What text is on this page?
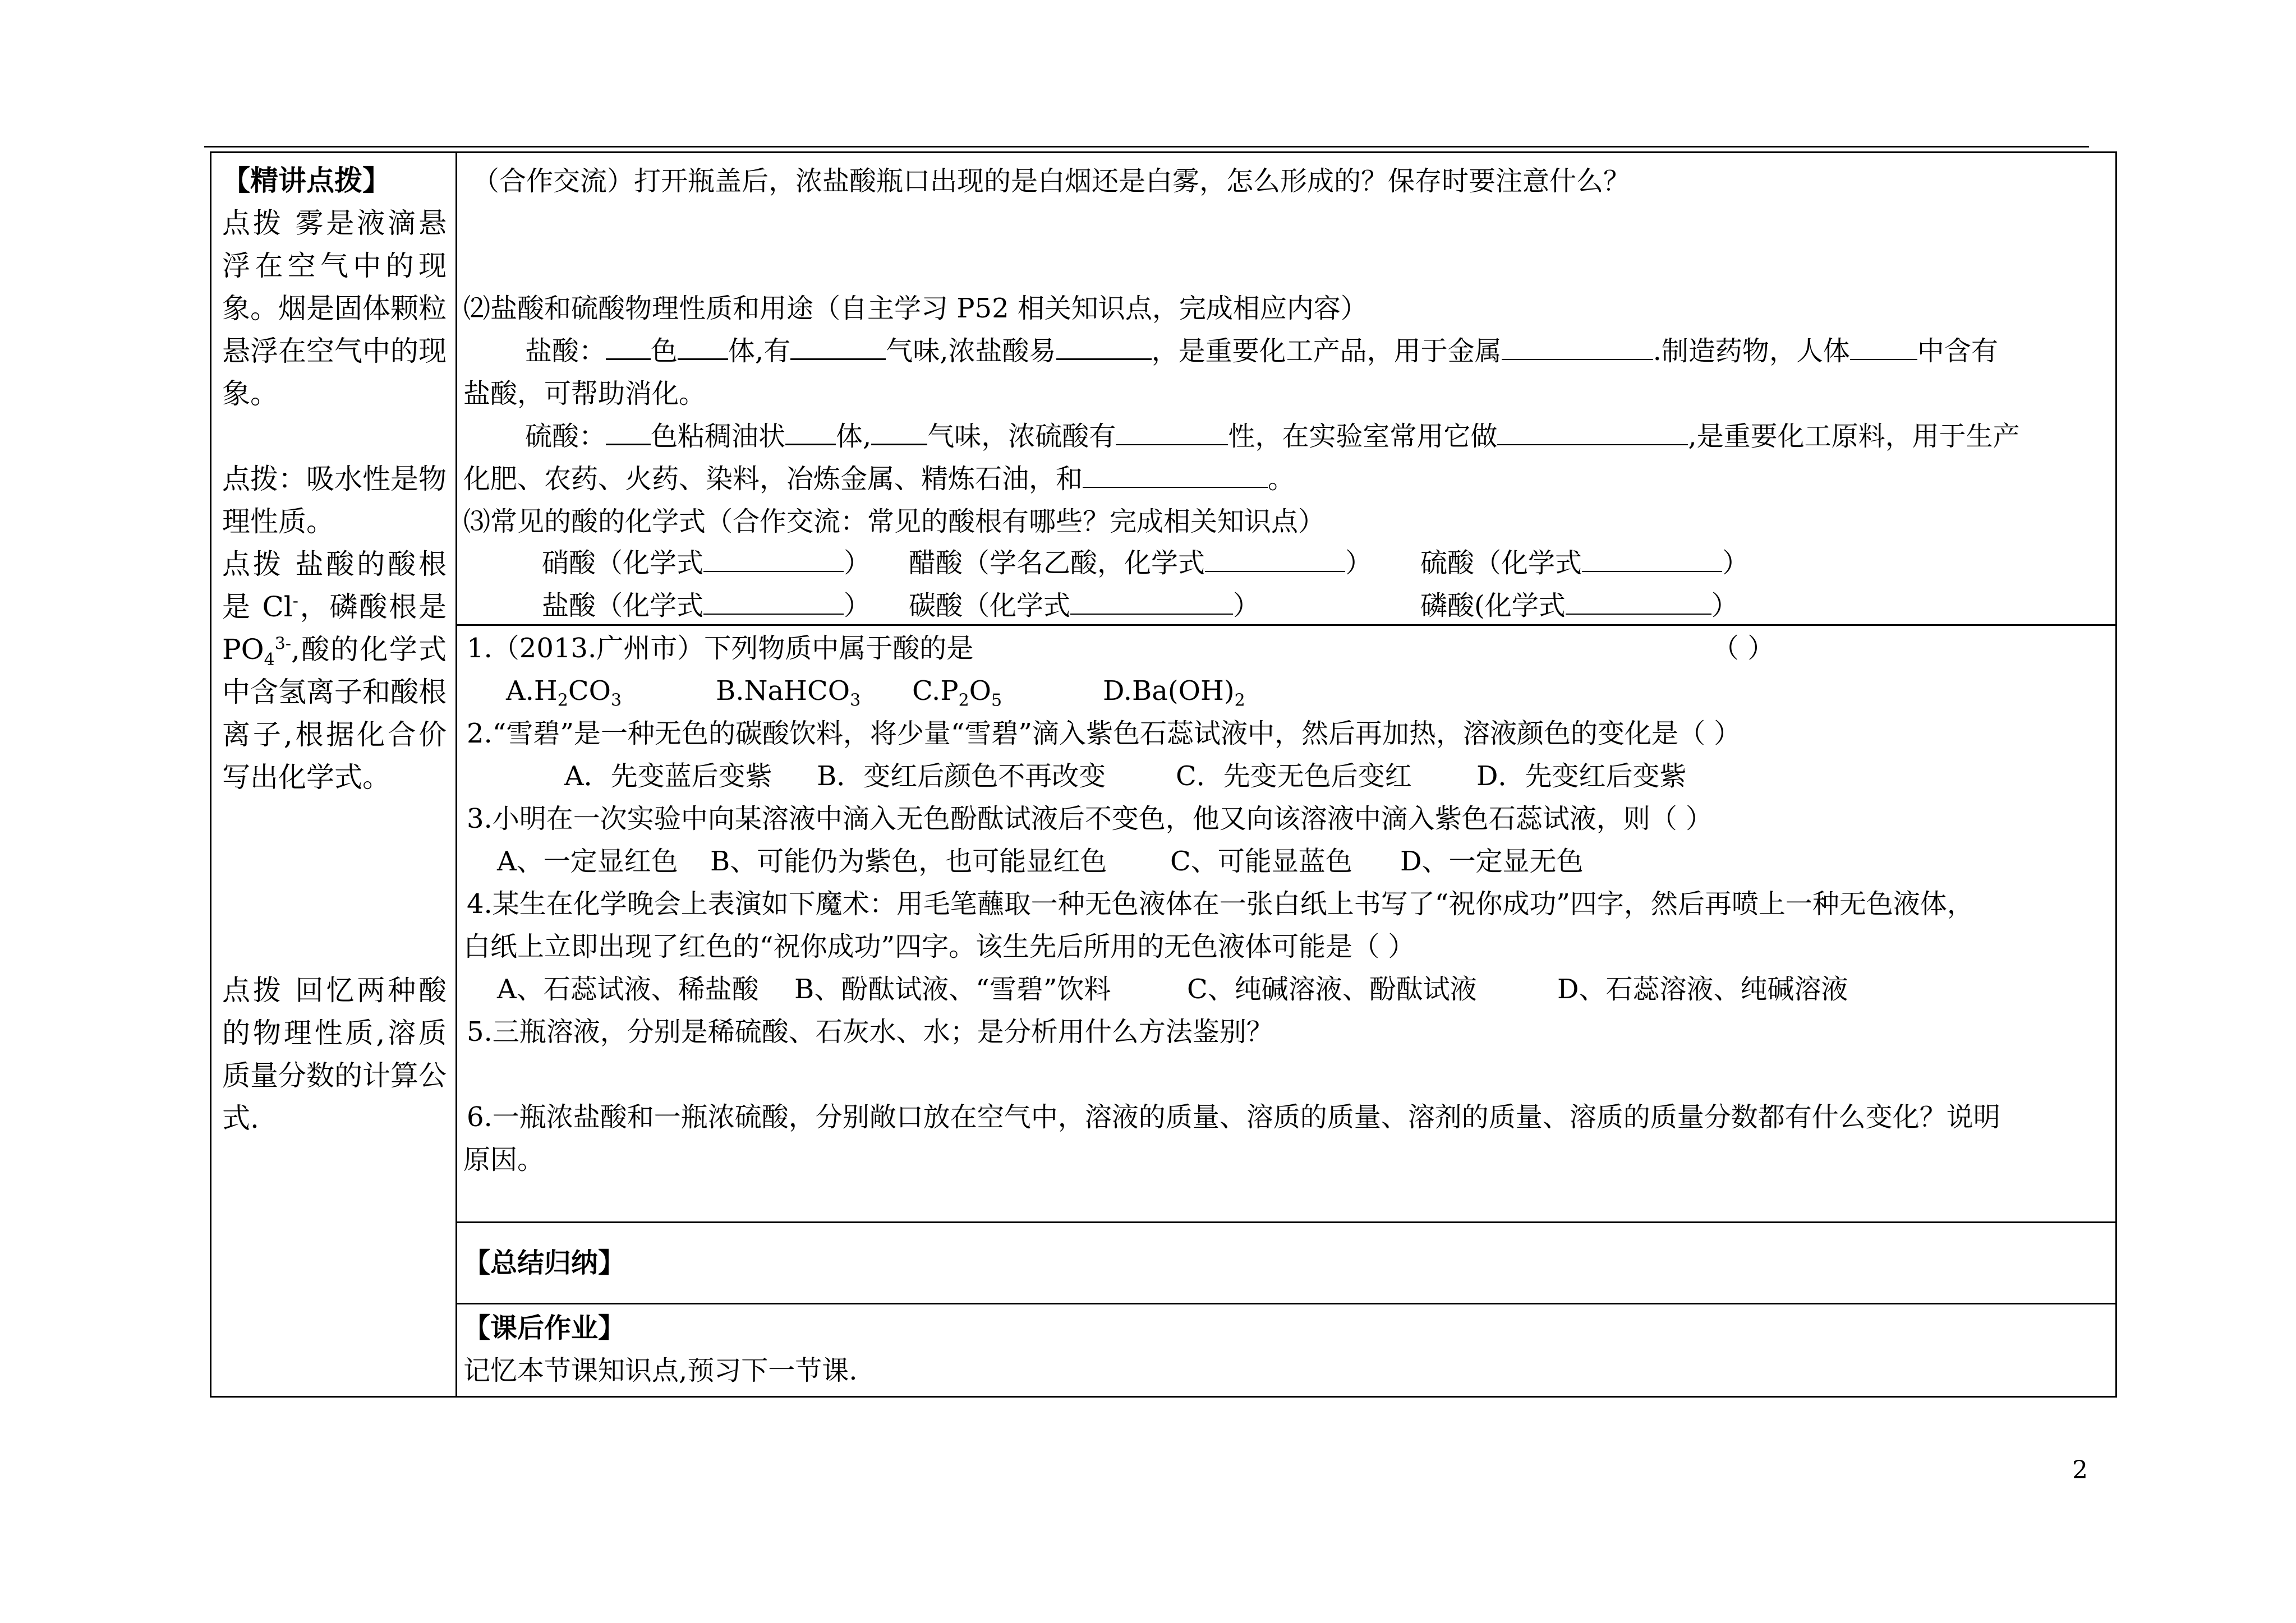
【精讲点拨】

点拨 雾是液滴悬浮在空气中的现象。烟是固体颗粒悬浮在空气中的现象。

点拨：吸水性是物理性质。

点拨 盐酸的酸根是 Cl-，磷酸根是 $PO_4^{3-}$,酸的化学式中含氢离子和酸根离子,根据化合价写出化学式。

点拨 回忆两种酸的物理性质,溶质质量分数的计算公式.

（合作交流）打开瓶盖后，浓盐酸瓶口出现的是白烟还是白雾，怎么形成的？保存时要注意什么？
⑵盐酸和硫酸物理性质和用途（自主学习 P52 相关知识点，完成相应内容）
盐酸： 色 体,有	气味,浓盐酸易	，是重要化工产品，用于金属	.制造药物，人体	中含有
盐酸，可帮助消化。
硫酸： 色粘稠油状 体, 气味，浓硫酸有	性，在实验室常用它做	,是重要化工原料，用于生产
化肥、农药、火药、染料，冶炼金属、精炼石油，和	。
⑶常见的酸的化学式（合作交流：常见的酸根有哪些？完成相关知识点）
硝酸（化学式	） 醋酸（学名乙酸，化学式	） 硫酸（化学式	）
盐酸（化学式	） 碳酸（化学式	）	磷酸(化学式	）
1.（2013.广州市）下列物质中属于酸的是	（ ）
$A.H_2CO_3$	B.NaHCO$_3$ $C.P_2O_5$	$D.Ba(OH)_2$
2.“雪碧”是一种无色的碳酸饮料，将少量“雪碧”滴入紫色石蕊试液中，然后再加热，溶液颜色的变化是（ ）
A．先变蓝后变紫 B．变红后颜色不再改变	C．先变无色后变红 D．先变红后变紫
3.小明在一次实验中向某溶液中滴入无色酚酞试液后不变色，他又向该溶液中滴入紫色石蕊试液，则（ ）
A、一定显红色 B、可能仍为紫色，也可能显红色 C、可能显蓝色 D、一定显无色
4.某生在化学晚会上表演如下魔术：用毛笔蘸取一种无色液体在一张白纸上书写了“祝你成功”四字，然后再喷上一种无色液体，
白纸上立即出现了红色的“祝你成功”四字。该生先后所用的无色液体可能是（ ）
A、石蕊试液、稀盐酸 B、酚酞试液、“雪碧”饮料	C、纯碱溶液、酚酞试液	D、石蕊溶液、纯碱溶液
5.三瓶溶液，分别是稀硫酸、石灰水、水；是分析用什么方法鉴别？
6.一瓶浓盐酸和一瓶浓硫酸，分别敞口放在空气中，溶液的质量、溶质的质量、溶剂的质量、溶质的质量分数都有什么变化？说明
原因。
【总结归纳】
【课后作业】
记忆本节课知识点,预习下一节课.
2
